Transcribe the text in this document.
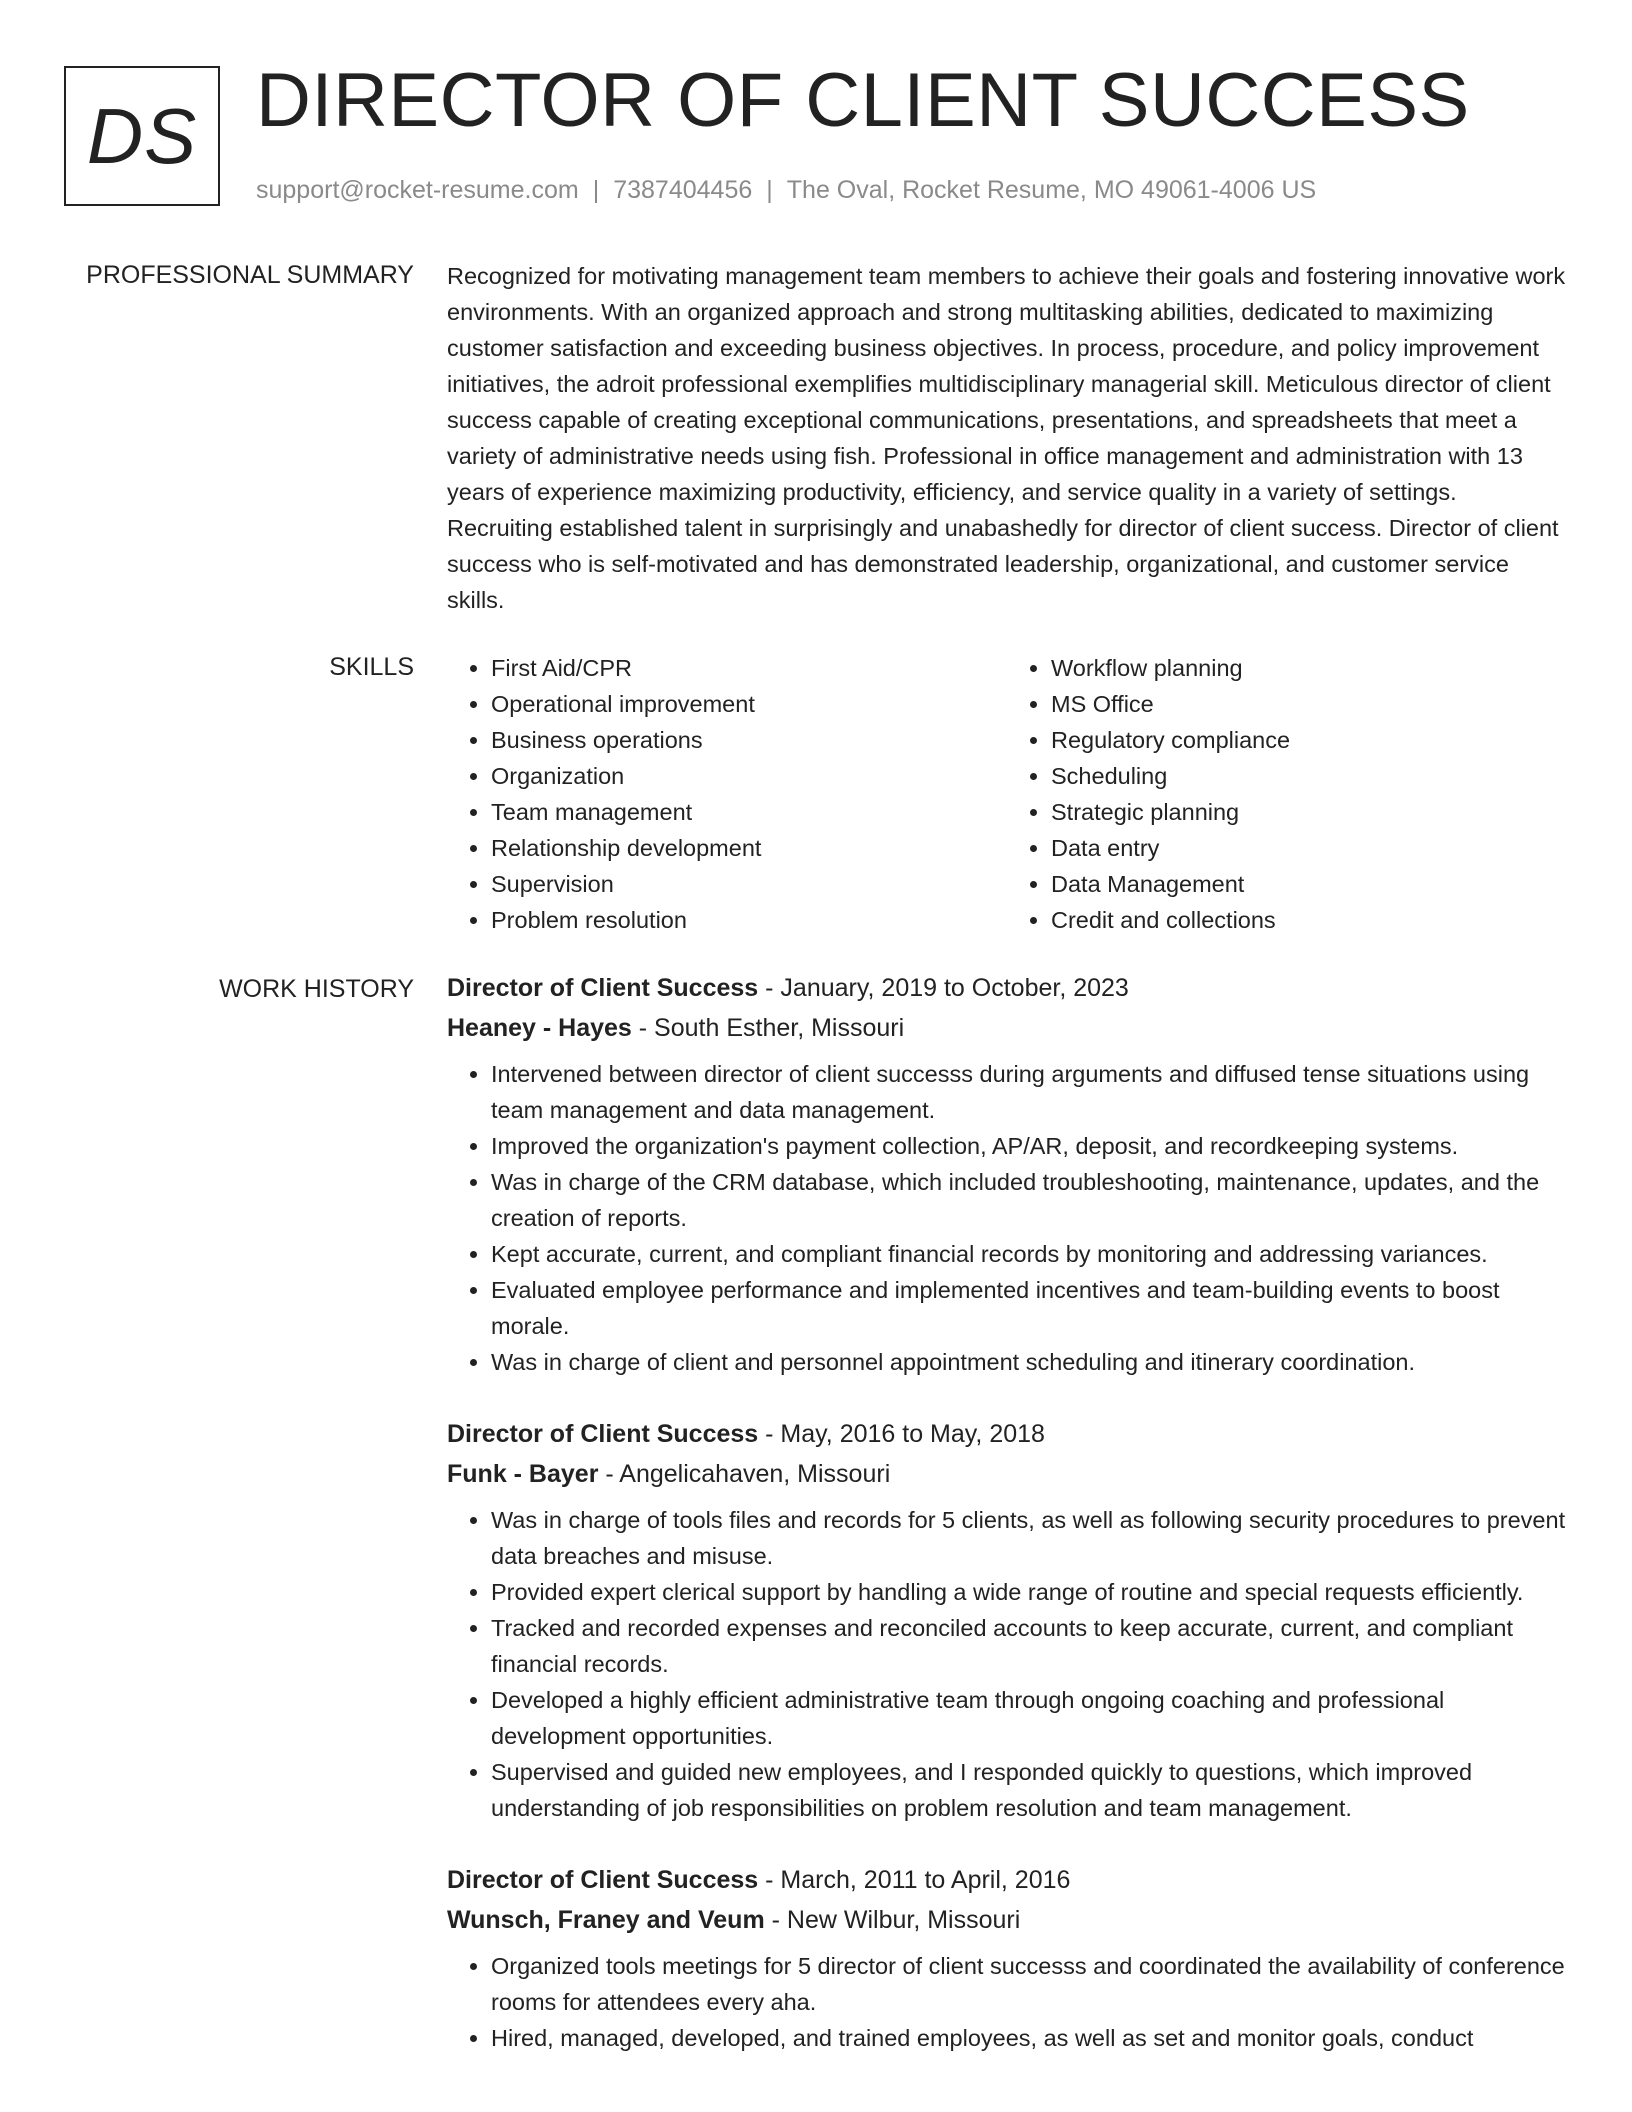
DS DIRECTOR OF CLIENT SUCCESS
support@rocket-resume.com | 7387404456 | The Oval, Rocket Resume, MO 49061-4006 US
PROFESSIONAL SUMMARY Recognized for motivating management team members to achieve their goals and fostering innovative work environments. With an organized approach and strong multitasking abilities, dedicated to maximizing customer satisfaction and exceeding business objectives. In process, procedure, and policy improvement initiatives, the adroit professional exemplifies multidisciplinary managerial skill. Meticulous director of client success capable of creating exceptional communications, presentations, and spreadsheets that meet a variety of administrative needs using fish. Professional in office management and administration with 13 years of experience maximizing productivity, efficiency, and service quality in a variety of settings. Recruiting established talent in surprisingly and unabashedly for director of client success. Director of client success who is self-motivated and has demonstrated leadership, organizational, and customer service skills.

SKILLS
•	First Aid/CPR
• Operational improvement
• Business operations
• Organization
• Team management
• Relationship development
• Supervision
• Problem resolution
• Workflow planning
• MS Office
• Regulatory compliance
• Scheduling
• Strategic planning
• Data entry
• Data Management
• Credit and collections
WORK HISTORY Director of Client Success - January, 2019 to October, 2023
Heaney - Hayes - South Esther, Missouri
• Intervened between director of client successs during arguments and diffused tense situations using team management and data management.
• Improved the organization's payment collection, AP/AR, deposit, and recordkeeping systems.
• Was in charge of the CRM database, which included troubleshooting, maintenance, updates, and the creation of reports.
• Kept accurate, current, and compliant financial records by monitoring and addressing variances.
• Evaluated employee performance and implemented incentives and team-building events to boost morale.
• Was in charge of client and personnel appointment scheduling and itinerary coordination.
Director of Client Success - May, 2016 to May, 2018
Funk - Bayer - Angelicahaven, Missouri
• Was in charge of tools files and records for 5 clients, as well as following security procedures to prevent data breaches and misuse.
• Provided expert clerical support by handling a wide range of routine and special requests efficiently.
• Tracked and recorded expenses and reconciled accounts to keep accurate, current, and compliant financial records.
• Developed a highly efficient administrative team through ongoing coaching and professional development opportunities.
• Supervised and guided new employees, and I responded quickly to questions, which improved understanding of job responsibilities on problem resolution and team management.
Director of Client Success - March, 2011 to April, 2016
Wunsch, Franey and Veum - New Wilbur, Missouri
• Organized tools meetings for 5 director of client successs and coordinated the availability of conference rooms for attendees every aha.
• Hired, managed, developed, and trained employees, as well as set and monitor goals, conduct
